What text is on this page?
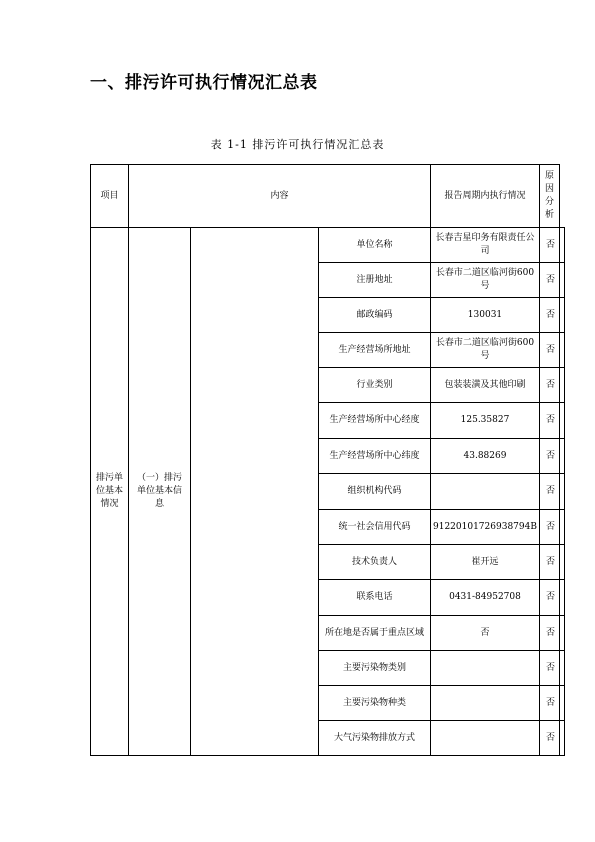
一、排污许可执行情况汇总表
表 1-1 排污许可执行情况汇总表
项目	内容			报告周期内执行情况	原因分析	
排污单位基本情况	（一）排污单位基本信息		单位名称	长春吉星印务有限责任公司	否	
			注册地址	长春市二道区临河街600号	否	
			邮政编码	130031	否	
			生产经营场所地址	长春市二道区临河街600号	否	
			行业类别	包装装潢及其他印刷	否	
			生产经营场所中心经度	125.35827	否	
			生产经营场所中心纬度	43.88269	否	
			组织机构代码		否	
			统一社会信用代码	91220101726938794B	否	
			技术负责人	崔开远	否	
			联系电话	0431-84952708	否	
			所在地是否属于重点区域	否	否	
			主要污染物类别		否	
			主要污染物种类		否	
			大气污染物排放方式		否	
